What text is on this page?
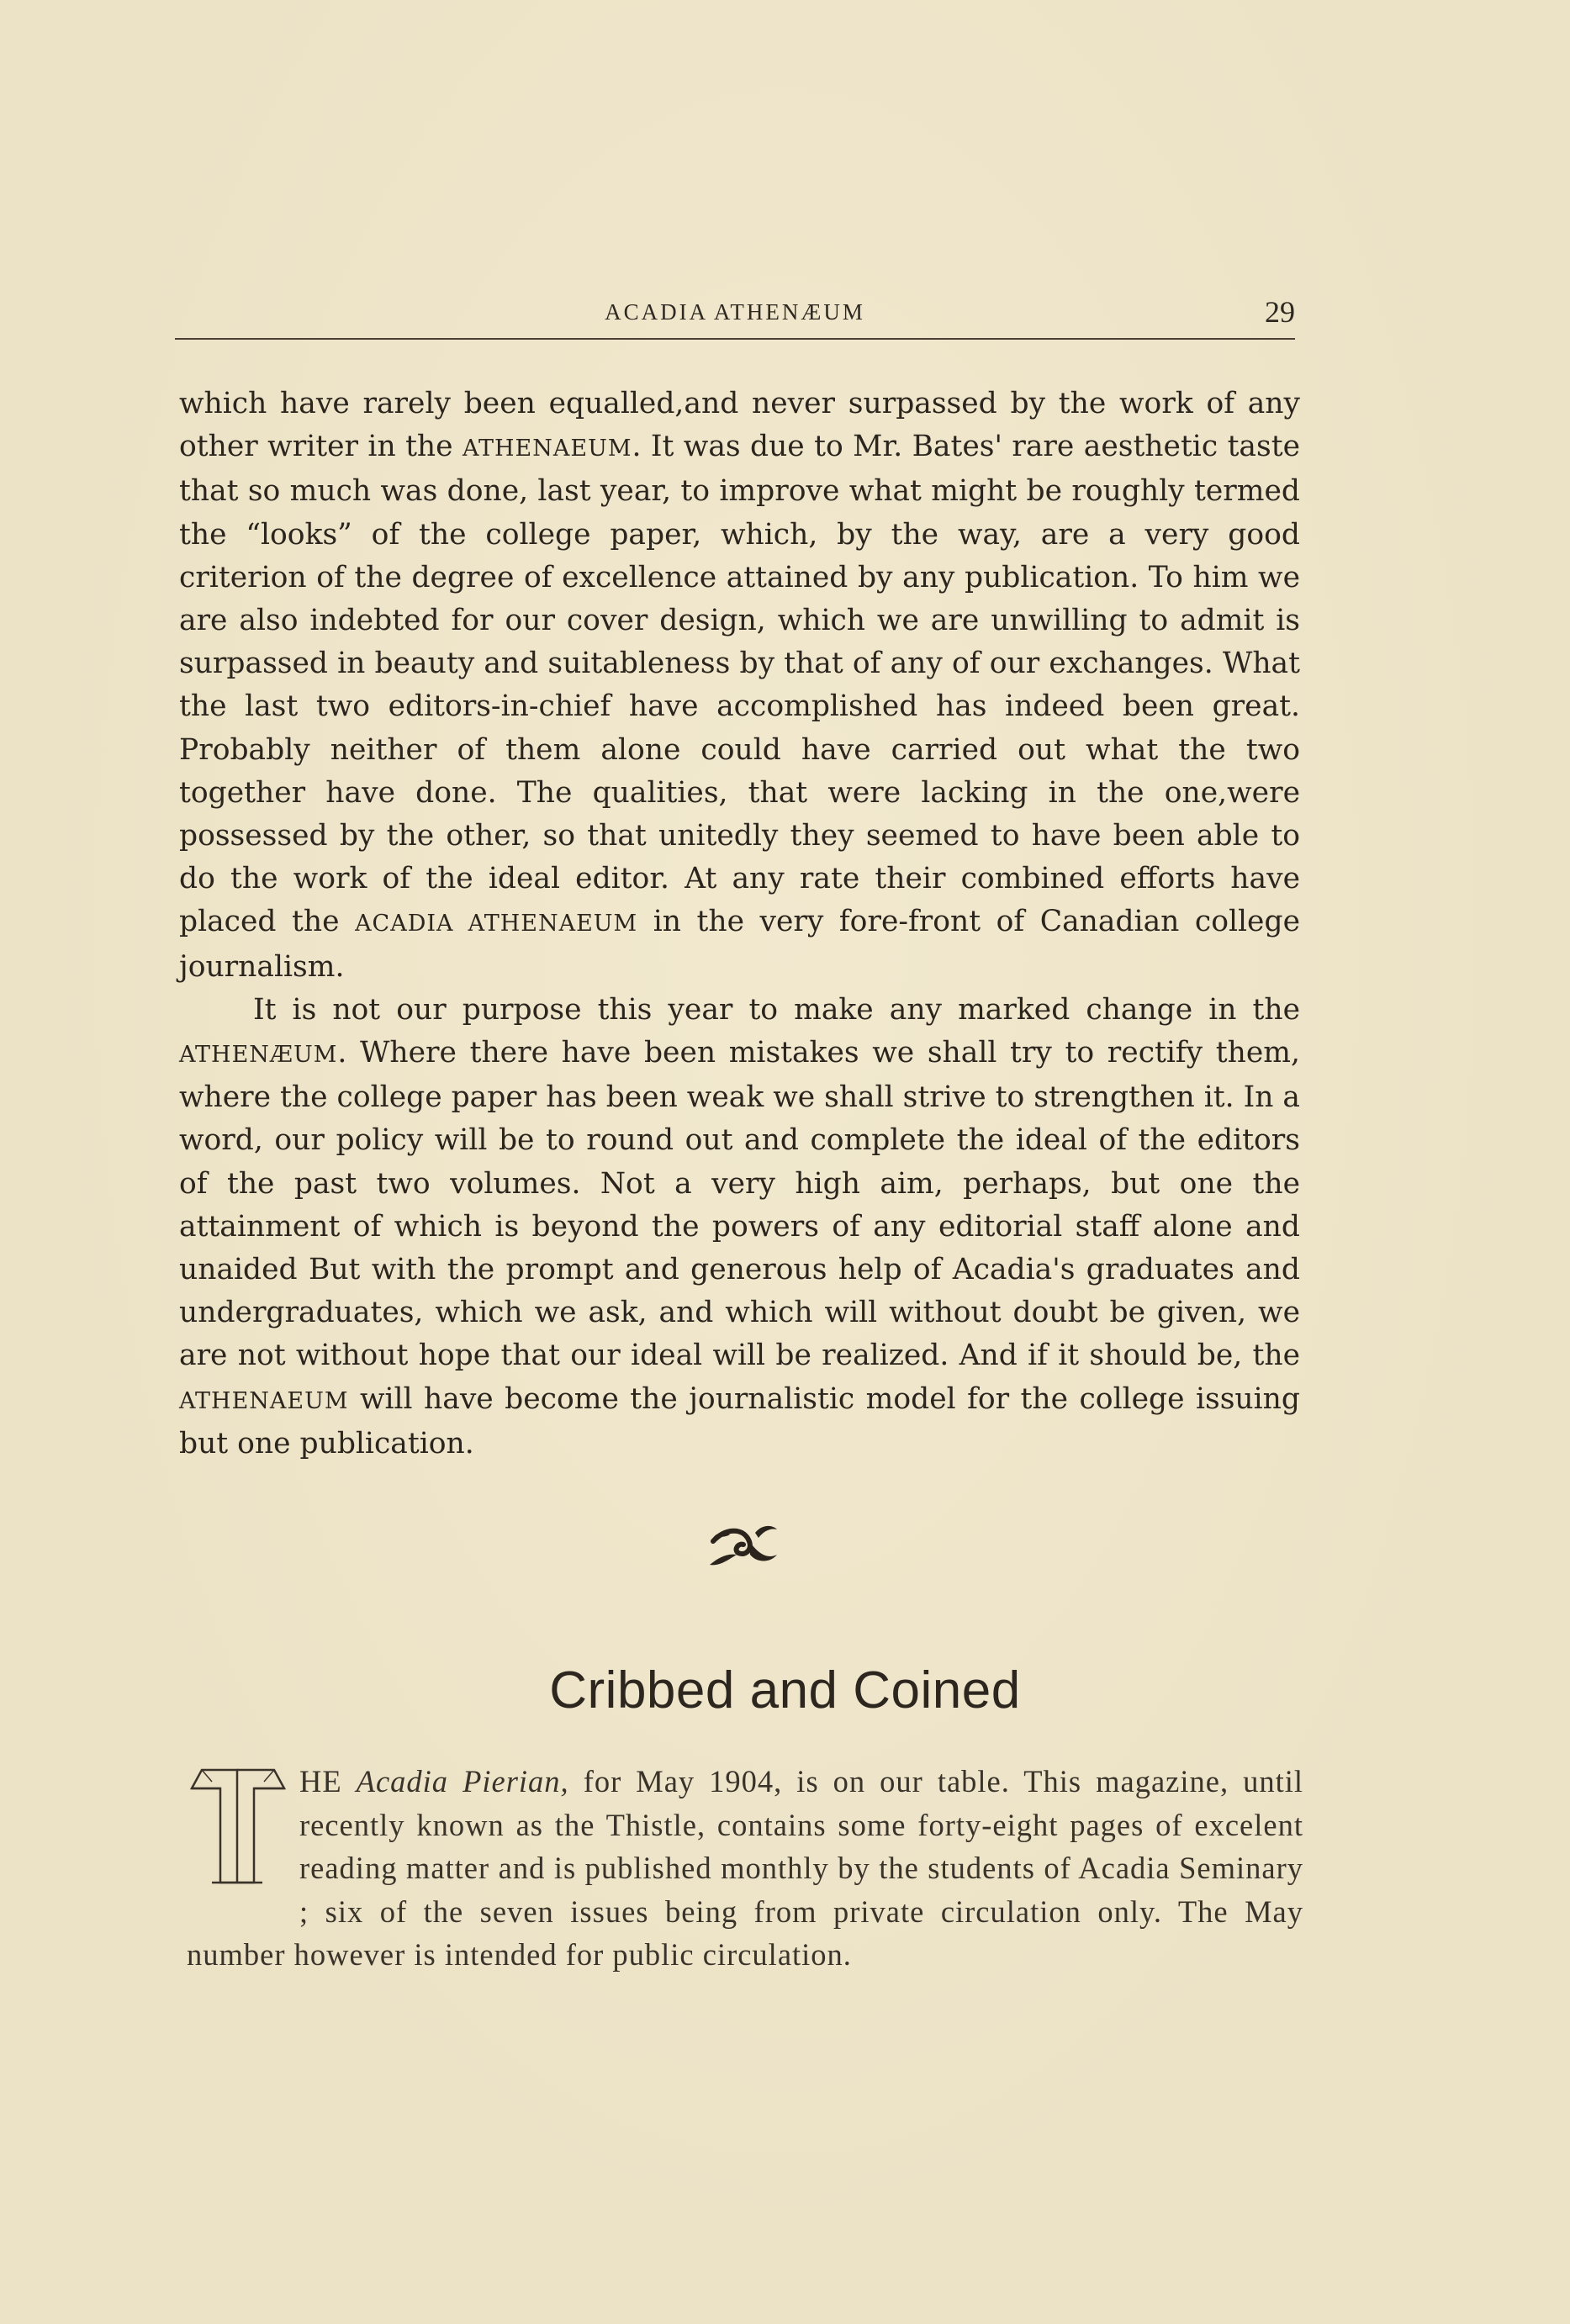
ACADIA ATHENÆUM	29

which have rarely been equalled,and never surpassed by the work of any other writer in the ATHENAEUM. It was due to Mr. Bates' rare aesthetic taste that so much was done, last year, to improve what might be roughly termed the “looks” of the college paper, which, by the way, are a very good criterion of the degree of excellence attained by any publication. To him we are also indebted for our cover design, which we are unwilling to admit is surpassed in beauty and suitableness by that of any of our exchanges. What the last two editors-in-chief have accomplished has indeed been great. Probably neither of them alone could have carried out what the two together have done. The qualities, that were lacking in the one,were possessed by the other, so that unitedly they seemed to have been able to do the work of the ideal editor. At any rate their combined efforts have placed the ACADIA ATHENAEUM in the very fore-front of Canadian college journalism.

It is not our purpose this year to make any marked change in the ATHENÆUM. Where there have been mistakes we shall try to rectify them, where the college paper has been weak we shall strive to strengthen it. In a word, our policy will be to round out and complete the ideal of the editors of the past two volumes. Not a very high aim, perhaps, but one the attainment of which is beyond the powers of any editorial staff alone and unaided But with the prompt and generous help of Acadia's graduates and undergraduates, which we ask, and which will without doubt be given, we are not without hope that our ideal will be realized. And if it should be, the ATHENAEUM will have become the journalistic model for the college issuing but one publication.

Cribbed and Coined

HE Acadia Pierian, for May 1904, is on our table. This magazine, until recently known as the Thistle, contains some forty-eight pages of excelent reading matter and is published monthly by the students of Acadia Seminary ; six of the seven issues being from private circulation only. The May number however is intended for public circulation.
